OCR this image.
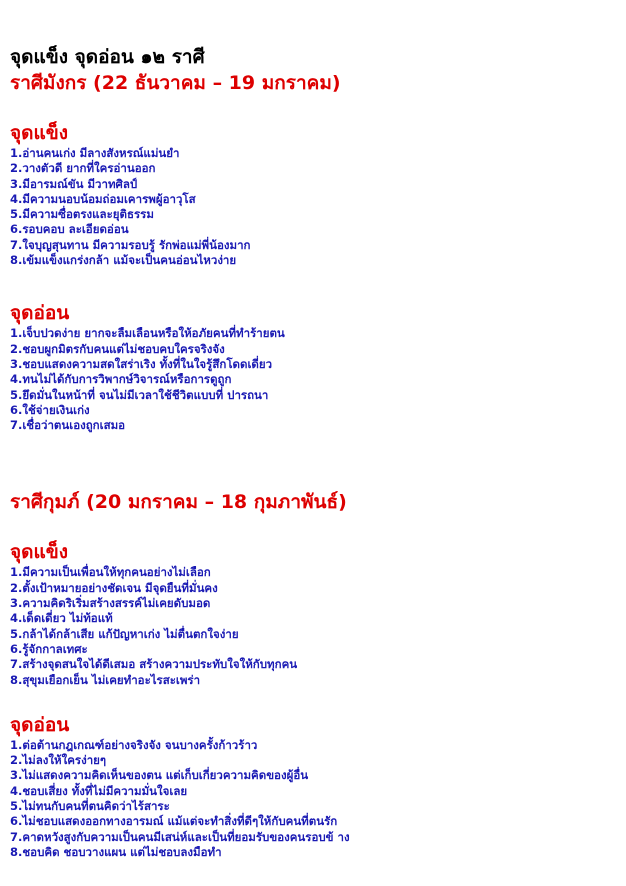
จุดแข็ง จุดอ่อน ๑๒ ราศี
ราศีมังกร (22 ธันวาคม – 19 มกราคม)
จุดแข็ง
1.อ่านคนเก่ง มีลางสังหรณ์แม่นยำ
2.วางตัวดี ยากที่ใครอ่านออก
3.มีอารมณ์ขัน มีวาทศิลป์
4.มีความนอบน้อมถ่อมเคารพผู้อาวุโส
5.มีความซื่อตรงและยุติธรรม
6.รอบคอบ ละเอียดอ่อน
7.ใจบุญสุนทาน มีความรอบรู้ รักพ่อแม่พี่น้องมาก
8.เข้มแข็งแกร่งกล้า แม้จะเป็นคนอ่อนไหวง่าย
จุดอ่อน
1.เจ็บปวดง่าย ยากจะลืมเลือนหรือให้อภัยคนที่ทำร้ายตน
2.ชอบผูกมิตรกับคนแต่ไม่ชอบคบใครจริงจัง
3.ชอบแสดงความสดใสร่าเริง ทั้งที่ในใจรู้สึกโดดเดี่ยว
4.ทนไม่ได้กับการวิพากษ์วิจารณ์หรือการดูถูก
5.ยึดมั่นในหน้าที่ จนไม่มีเวลาใช้ชีวิตแบบที่ ปารถนา
6.ใช้จ่ายเงินเก่ง
7.เชื่อว่าตนเองถูกเสมอ
ราศีกุมภ์ (20 มกราคม – 18 กุมภาพันธ์)
จุดแข็ง
1.มีความเป็นเพื่อนให้ทุกคนอย่างไม่เลือก
2.ตั้งเป้าหมายอย่างชัดเจน มีจุดยืนที่มั่นคง
3.ความคิดริเริ่มสร้างสรรค์ไม่เคยดับมอด
4.เด็ดเดี่ยว ไม่ท้อแท้
5.กล้าได้กล้าเสีย แก้ปัญหาเก่ง ไม่ตื่นตกใจง่าย
6.รู้จักกาลเทศะ
7.สร้างจุดสนใจได้ดีเสมอ สร้างความประทับใจให้กับทุกคน
8.สุขุมเยือกเย็น ไม่เคยทำอะไรสะเพร่า
จุดอ่อน
1.ต่อต้านกฎเกณฑ์อย่างจริงจัง จนบางครั้งก้าวร้าว
2.ไม่ลงให้ใครง่ายๆ
3.ไม่แสดงความคิดเห็นของตน แต่เก็บเกี่ยวความคิดของผู้อื่น
4.ชอบเสี่ยง ทั้งที่ไม่มีความมั่นใจเลย
5.ไม่ทนกับคนที่ตนคิดว่าไร้สาระ
6.ไม่ชอบแสดงออกทางอารมณ์ แม้แต่จะทำสิ่งที่ดีๆให้กับคนที่ตนรัก
7.คาดหวังสูงกับความเป็นคนมีเสน่ห์และเป็นที่ยอมรับของคนรอบข้ าง
8.ชอบคิด ชอบวางแผน แต่ไม่ชอบลงมือทำ
